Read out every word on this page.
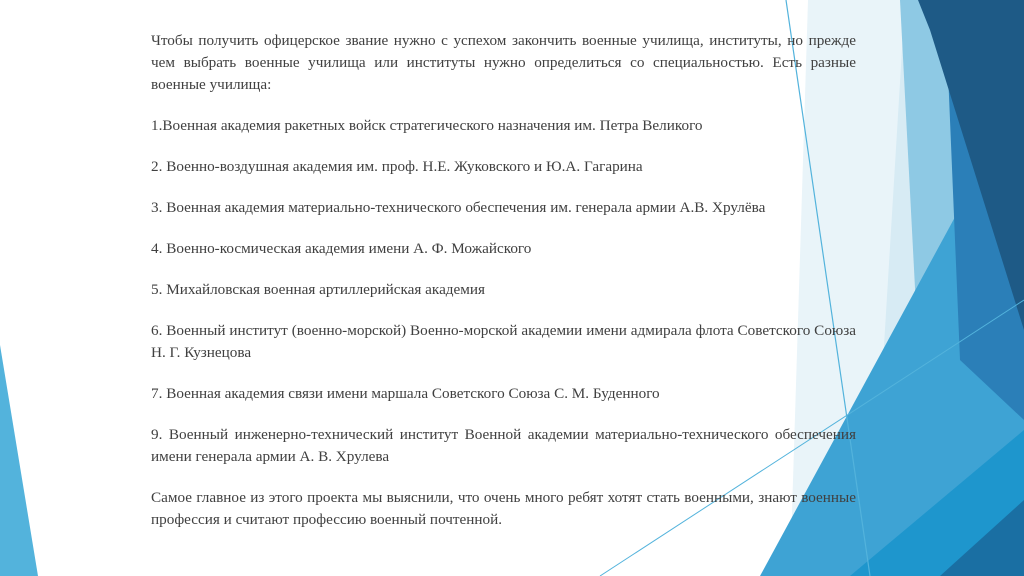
Чтобы получить офицерское звание нужно с успехом закончить военные училища, институты, но прежде чем выбрать военные училища или институты нужно определиться со специальностью. Есть разные военные училища:

1.Военная академия ракетных войск стратегического назначения им. Петра Великого

2. Военно-воздушная академия им. проф. Н.Е. Жуковского и Ю.А. Гагарина

3. Военная академия материально-технического обеспечения им. генерала армии А.В. Хрулёва

4. Военно-космическая академия имени А. Ф. Можайского

5. Михайловская военная артиллерийская академия

6. Военный институт (военно-морской) Военно-морской академии имени адмирала флота Советского Союза Н. Г. Кузнецова

7. Военная академия связи имени маршала Советского Союза С. М. Буденного

9. Военный инженерно-технический институт Военной академии материально-технического обеспечения имени генерала армии А. В. Хрулева

Самое главное из этого проекта мы выяснили, что очень много ребят хотят стать военными, знают военные профессия и считают профессию военный почтенной.
